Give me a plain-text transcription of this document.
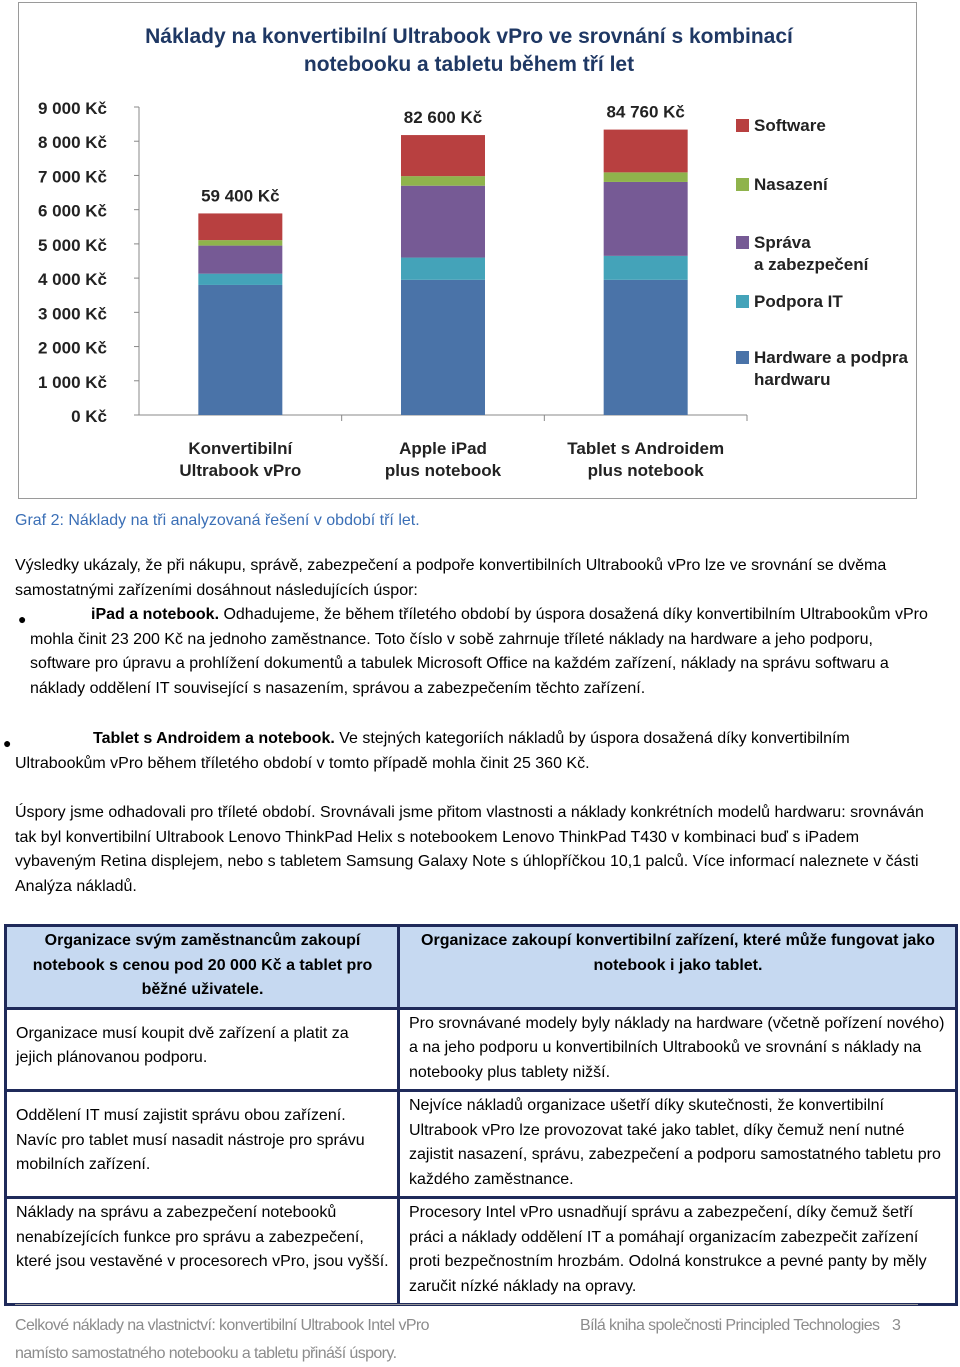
Náklady na konvertibilní Ultrabook vPro ve srovnání s kombinací
notebooku a tabletu během tří let
0 Kč
1 000 Kč
2 000 Kč
3 000 Kč
4 000 Kč
5 000 Kč
6 000 Kč
7 000 Kč
8 000 Kč
9 000 Kč
59 400 Kč
Konvertibilní
Ultrabook vPro
82 600 Kč
Apple iPad
plus notebook
84 760 Kč
Tablet s Androidem
plus notebook
Software
Nasazení
Správa
a zabezpečení
Podpora IT
Hardware a podpra
hardwaru
Graf 2: Náklady na tři analyzovaná řešení v období tří let.
Výsledky ukázaly, že při nákupu, správě, zabezpečení a podpoře konvertibilních Ultrabooků vPro lze ve srovnání se dvěma samostatnými zařízeními dosáhnout následujících úspor:
●	iPad a notebook. Odhadujeme, že během tříletého období by úspora dosažená díky konvertibilním Ultrabookům vPro mohla činit 23 200 Kč na jednoho zaměstnance. Toto číslo v sobě zahrnuje tříleté náklady na hardware a jeho podporu, software pro úpravu a prohlížení dokumentů a tabulek Microsoft Office na každém zařízení, náklady na správu softwaru a náklady oddělení IT související s nasazením, správou a zabezpečením těchto zařízení.
●	Tablet s Androidem a notebook. Ve stejných kategoriích nákladů by úspora dosažená díky konvertibilním Ultrabookům vPro během tříletého období v tomto případě mohla činit 25 360 Kč.
Úspory jsme odhadovali pro tříleté období. Srovnávali jsme přitom vlastnosti a náklady konkrétních modelů hardwaru: srovnáván tak byl konvertibilní Ultrabook Lenovo ThinkPad Helix s notebookem Lenovo ThinkPad T430 v kombinaci buď s iPadem vybaveným Retina displejem, nebo s tabletem Samsung Galaxy Note s úhlopříčkou 10,1 palců. Více informací naleznete v části Analýza nákladů.
Organizace svým zaměstnancům zakoupí notebook s cenou pod 20 000 Kč a tablet pro běžné uživatele.	Organizace zakoupí konvertibilní zařízení, které může fungovat jako notebook i jako tablet.
Organizace musí koupit dvě zařízení a platit za jejich plánovanou podporu.	Pro srovnávané modely byly náklady na hardware (včetně pořízení nového) a na jeho podporu u konvertibilních Ultrabooků ve srovnání s náklady na notebooky plus tablety nižší.
Oddělení IT musí zajistit správu obou zařízení. Navíc pro tablet musí nasadit nástroje pro správu mobilních zařízení.	Nejvíce nákladů organizace ušetří díky skutečnosti, že konvertibilní Ultrabook vPro lze provozovat také jako tablet, díky čemuž není nutné zajistit nasazení, správu, zabezpečení a podporu samostatného tabletu pro každého zaměstnance.
Náklady na správu a zabezpečení notebooků nenabízejících funkce pro správu a zabezpečení, které jsou vestavěné v procesorech vPro, jsou vyšší.	Procesory Intel vPro usnadňují správu a zabezpečení, díky čemuž šetří práci a náklady oddělení IT a pomáhají organizacím zabezpečit zařízení proti bezpečnostním hrozbám. Odolná konstrukce a pevné panty by měly zaručit nízké náklady na opravy.
Celkové náklady na vlastnictví: konvertibilní Ultrabook Intel vPro
namísto samostatného notebooku a tabletu přináší úspory.
Bílá kniha společnosti Principled Technologies 3
